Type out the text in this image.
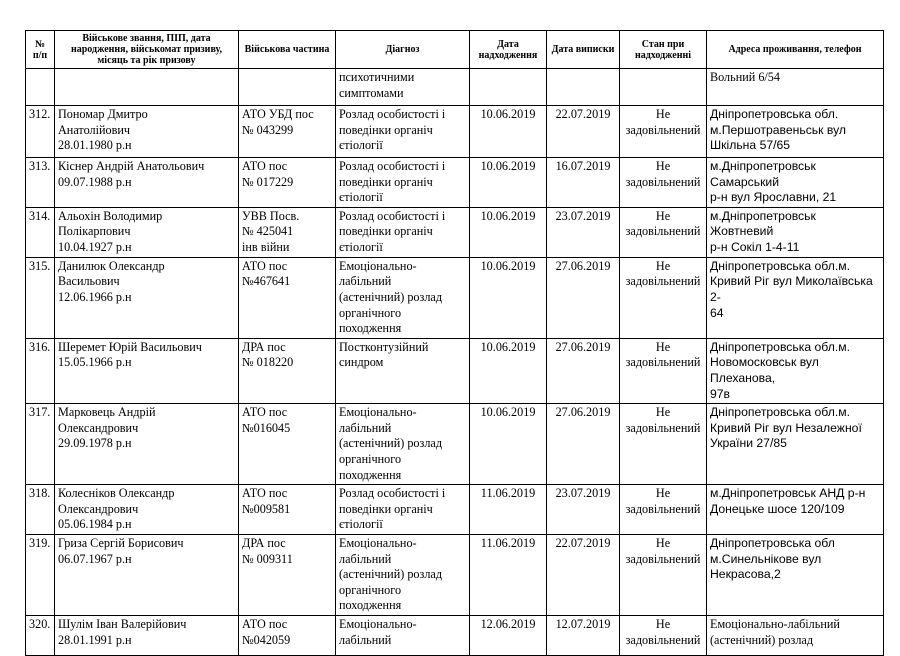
№
п/п	Військове звання, ПІП, дата народження, військомат призиву, місяць та рік призову	Військова частина	Діагноз	Дата надходження	Дата виписки	Стан при надходженні	Адреса проживання, телефон
			психотичними
симптомами				Вольний 6/54
312.	Пономар Дмитро
Анатолійович
28.01.1980 р.н	АТО УБД пос
№ 043299	Розлад особистості і
поведінки органіч
єтіології	10.06.2019	22.07.2019	Не
задовільнений	Дніпропетровська обл.
м.Першотравеньськ вул
Шкільна 57/65
313.	Кіснер Андрій Анатольович
09.07.1988 р.н	АТО пос
№ 017229	Розлад особистості і
поведінки органіч
єтіології	10.06.2019	16.07.2019	Не
задовільнений	м.Дніпропетровськ Самарський
р-н вул Ярославни, 21
314.	Альохін Володимир
Полікарпович
10.04.1927 р.н	УВВ Посв.
№ 425041
інв війни	Розлад особистості і
поведінки органіч
єтіології	10.06.2019	23.07.2019	Не
задовільнений	м.Дніпропетровськ Жовтневий
р-н Сокіл 1-4-11
315.	Данилюк Олександр
Васильович
12.06.1966 р.н	АТО пос
№467641	Емоціонально-
лабільний
(астенічний) розлад
органічного
походження	10.06.2019	27.06.2019	Не
задовільнений	Дніпропетровська обл.м.
Кривий Ріг вул Миколаївська 2-
64
316.	Шеремет Юрій Васильович
15.05.1966 р.н	ДРА пос
№ 018220	Постконтузійний
синдром	10.06.2019	27.06.2019	Не
задовільнений	Дніпропетровська обл.м.
Новомосковськ вул Плеханова,
97в
317.	Марковець Андрій
Олександрович
29.09.1978 р.н	АТО пос
№016045	Емоціонально-
лабільний
(астенічний) розлад
органічного
походження	10.06.2019	27.06.2019	Не
задовільнений	Дніпропетровська обл.м.
Кривий Ріг вул Незалежної
України 27/85
318.	Колесніков Олександр
Олександрович
05.06.1984 р.н	АТО пос
№009581	Розлад особистості і
поведінки органіч
єтіології	11.06.2019	23.07.2019	Не
задовільнений	м.Дніпропетровськ АНД р-н
Донецьке шосе 120/109
319.	Гриза Сергій Борисович
06.07.1967 р.н	ДРА пос
№ 009311	Емоціонально-
лабільний
(астенічний) розлад
органічного
походження	11.06.2019	22.07.2019	Не
задовільнений	Дніпропетровська обл
м.Синельнікове вул
Некрасова,2
320.	Шулім Іван Валерійович
28.01.1991 р.н	АТО пос
№042059	Емоціонально-
лабільний	12.06.2019	12.07.2019	Не
задовільнений	Емоціонально-лабільний
(астенічний) розлад
